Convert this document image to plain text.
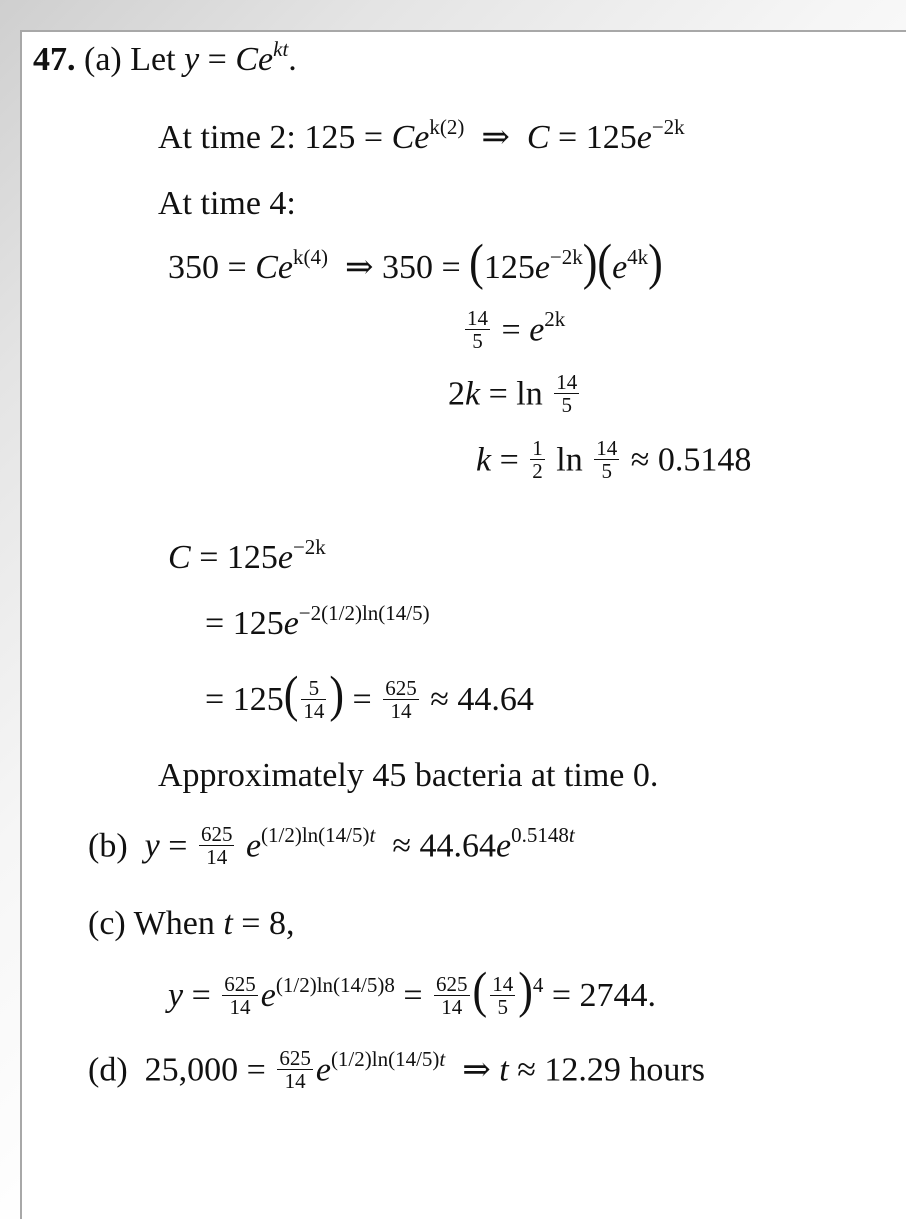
47. (a) Let $y = Ce^{kt}$.
At time 2: $125 = Ce^{k(2)}$  ⇒  $C = 125e^{-2k}$
At time 4:
$350 = Ce^{k(4)}$  ⇒ $350 = (125e^{-2k})(e^{4k})$
$\frac{14}{5} = e^{2k}$
$2k = \ln \frac{14}{5}$
$k = \frac{1}{2}$ $\ln \frac{14}{5} \approx 0.5148$
$C = 125e^{-2k}$
= $125e^{-2(1/2)ln(14/5)}$
= $125( \frac{5}{14}$ ) = $\frac{625}{14} \approx 44.64$
Approximately 45 bacteria at time 0.
(b) $y = \frac{625}{14} e^{(1/2)ln(14/5)t} \approx 44.64e^{0.5148t}$
(c) When t = 8,
$y = \frac{625}{14} e^{(1/2)ln(14/5)8} = \frac{625}{14}$ ( $\frac{14}{5} )^4 = 2744$.
(d) $25,000 = \frac{625}{14} e^{(1/2)ln(14/5)t}$  ⇒ t ≈ 12.29 hours
